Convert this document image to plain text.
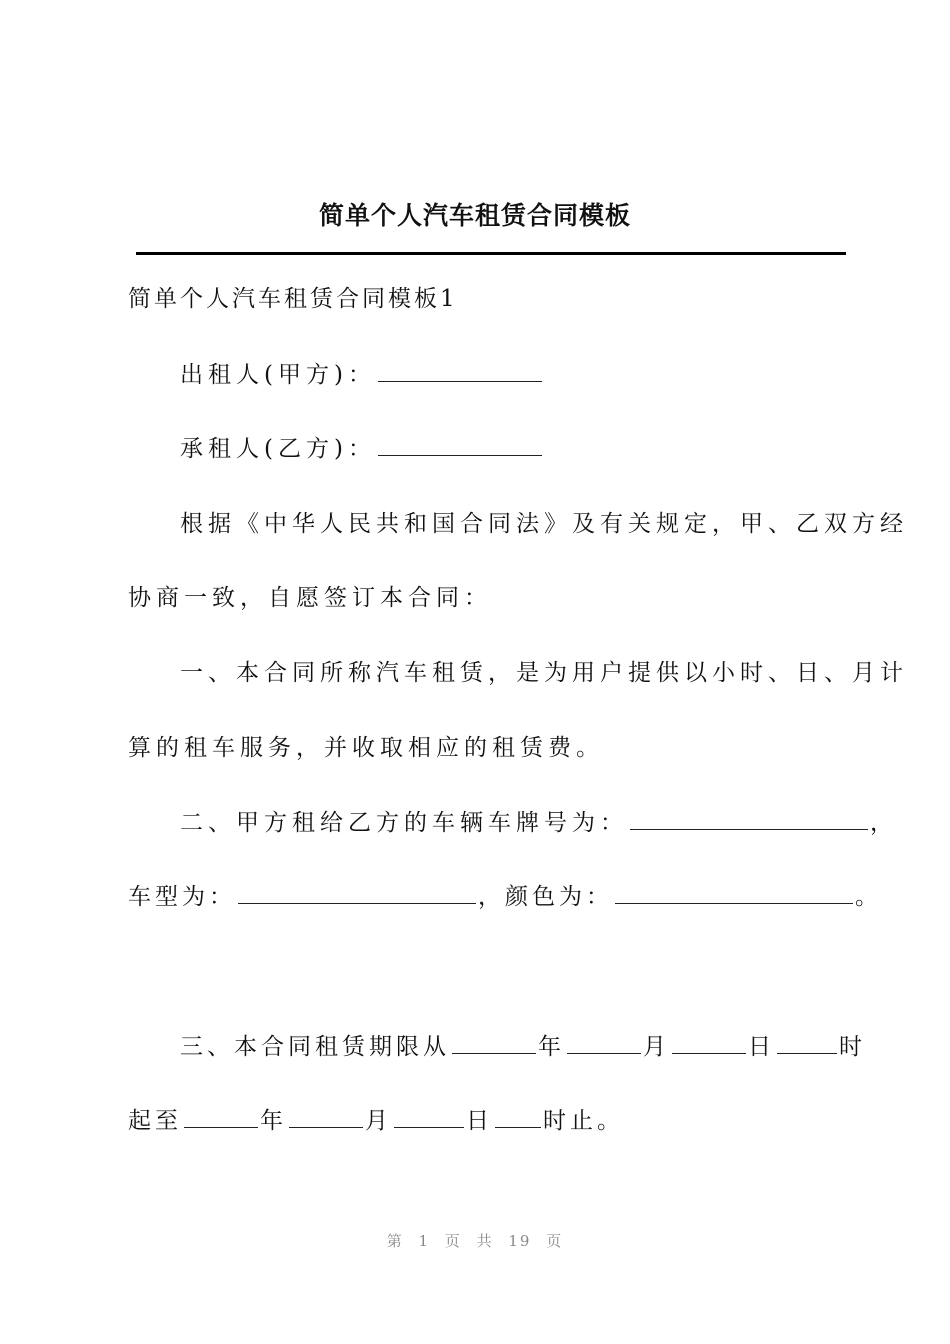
简单个人汽车租赁合同模板
简单个人汽车租赁合同模板1
出租人(甲方)：
承租人(乙方)：
根据《中华人民共和国合同法》及有关规定，甲、乙双方经
协商一致，自愿签订本合同：
一、本合同所称汽车租赁，是为用户提供以小时、日、月计
算的租车服务，并收取相应的租赁费。
二、甲方租给乙方的车辆车牌号为：	，
车型为：	，颜色为：	。
三、本合同租赁期限从	年	月	日	时
起至	年	月	日 时止。
第 1 页 共 19 页
